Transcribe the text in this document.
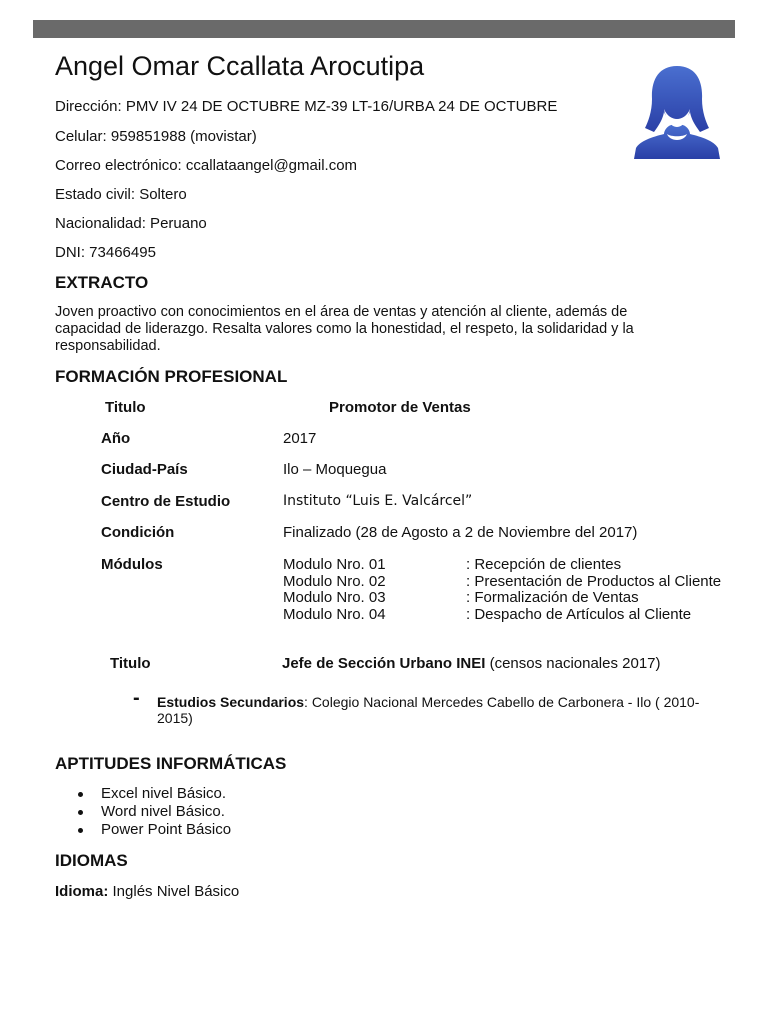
Angel Omar Ccallata Arocutipa
Dirección: PMV IV 24 DE OCTUBRE MZ-39 LT-16/URBA 24 DE OCTUBRE
Celular: 959851988 (movistar)
Correo electrónico: ccallataangel@gmail.com
Estado civil: Soltero
Nacionalidad: Peruano
DNI: 73466495
EXTRACTO
Joven proactivo con conocimientos en el área de ventas y atención al cliente, además de capacidad de liderazgo. Resalta valores como la honestidad, el respeto, la solidaridad y la responsabilidad.
FORMACIÓN PROFESIONAL
Titulo	Promotor de Ventas
Año	2017
Ciudad-País	Ilo – Moquegua
Centro de Estudio	Instituto “Luis E. Valcárcel”
Condición	Finalizado (28 de Agosto a 2 de Noviembre del 2017)
Módulos	Modulo Nro. 01	: Recepción de clientes
Modulo Nro. 02	: Presentación de Productos al Cliente
Modulo Nro. 03	: Formalización de Ventas
Modulo Nro. 04	: Despacho de Artículos al Cliente
Titulo	Jefe de Sección Urbano INEI (censos nacionales 2017)
- Estudios Secundarios: Colegio Nacional Mercedes Cabello de Carbonera - Ilo ( 2010-
2015)
APTITUDES INFORMÁTICAS
Excel nivel Básico.
Word nivel Básico.
Power Point Básico
IDIOMAS
Idioma: Inglés Nivel Básico
